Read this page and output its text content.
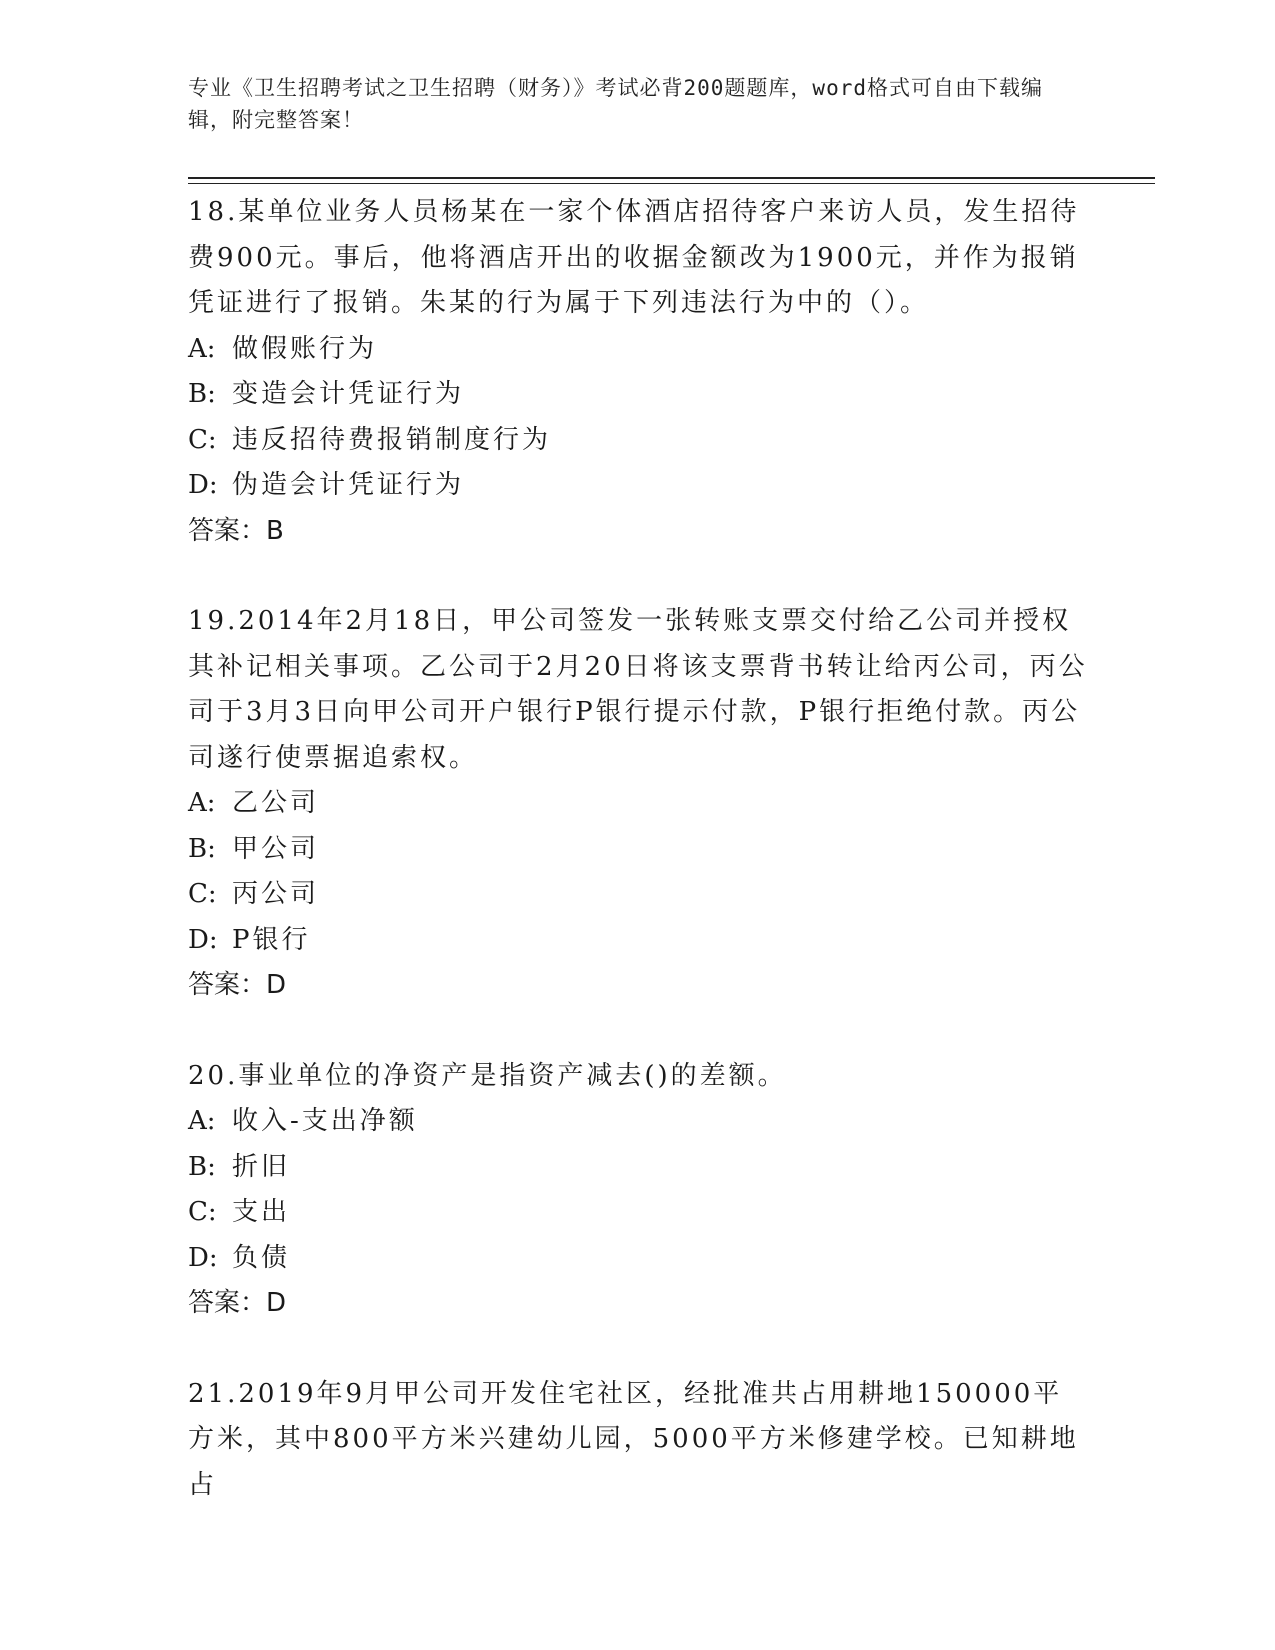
专业《卫生招聘考试之卫生招聘（财务）》考试必背200题题库，word格式可自由下载编辑，附完整答案！
18.某单位业务人员杨某在一家个体酒店招待客户来访人员，发生招待费900元。事后，他将酒店开出的收据金额改为1900元，并作为报销凭证进行了报销。朱某的行为属于下列违法行为中的（）。
A: 做假账行为
B: 变造会计凭证行为
C: 违反招待费报销制度行为
D: 伪造会计凭证行为
答案：B
19.2014年2月18日，甲公司签发一张转账支票交付给乙公司并授权其补记相关事项。乙公司于2月20日将该支票背书转让给丙公司，丙公司于3月3日向甲公司开户银行P银行提示付款，P银行拒绝付款。丙公司遂行使票据追索权。
A: 乙公司
B: 甲公司
C: 丙公司
D: P银行
答案：D
20.事业单位的净资产是指资产减去()的差额。
A: 收入-支出净额
B: 折旧
C: 支出
D: 负债
答案：D
21.2019年9月甲公司开发住宅社区，经批准共占用耕地150000平方米，其中800平方米兴建幼儿园，5000平方米修建学校。已知耕地占
